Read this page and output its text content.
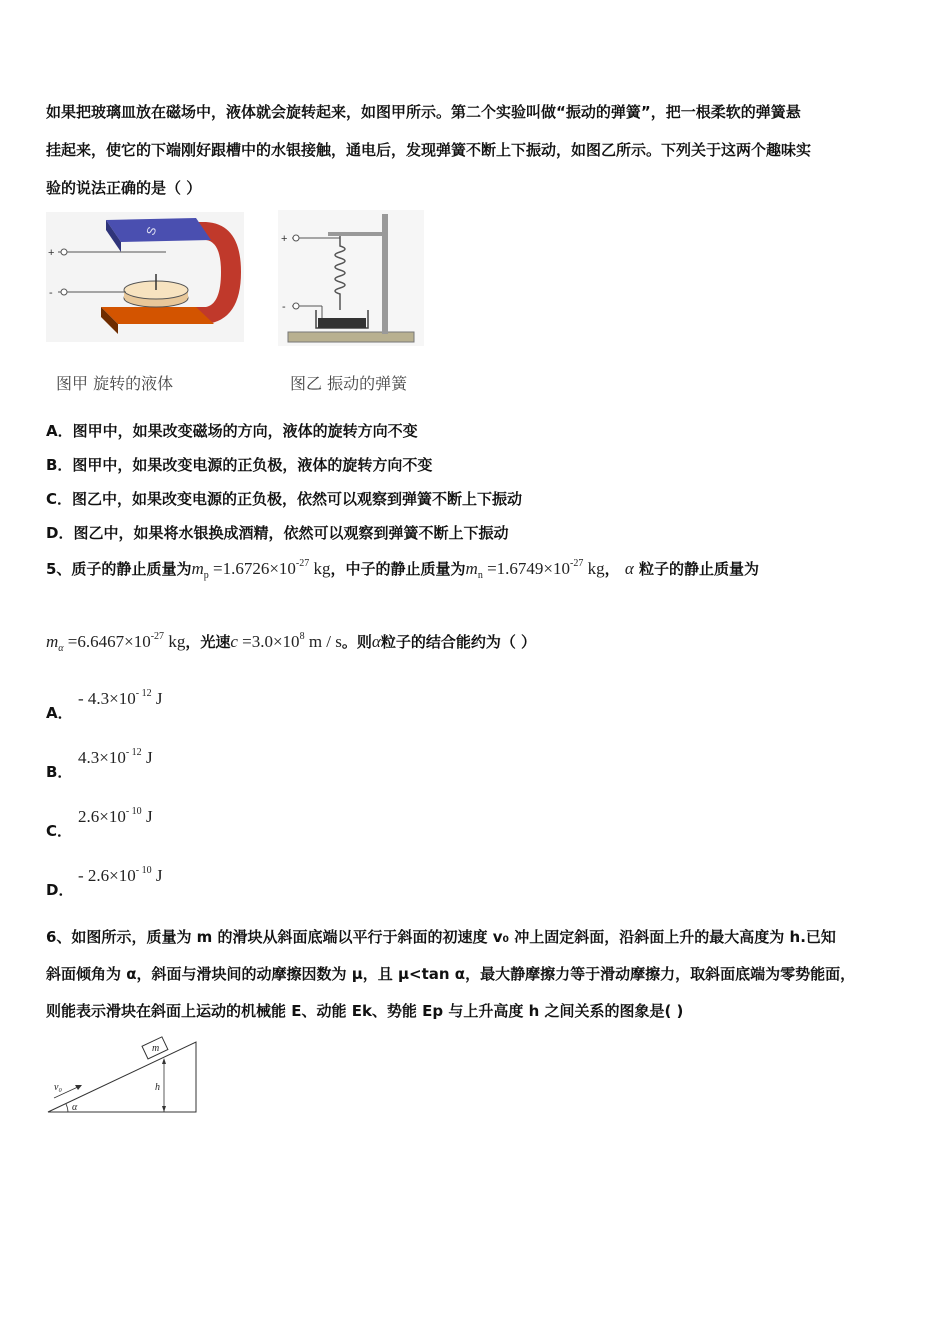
如果把玻璃皿放在磁场中，液体就会旋转起来，如图甲所示。第二个实验叫做“振动的弹簧”，把一根柔软的弹簧悬
挂起来，使它的下端刚好跟槽中的水银接触，通电后，发现弹簧不断上下振动，如图乙所示。下列关于这两个趣味实
验的说法正确的是（ ）
S
+
-
图甲 旋转的液体
+
-
图乙 振动的弹簧
A．图甲中，如果改变磁场的方向，液体的旋转方向不变
B．图甲中，如果改变电源的正负极，液体的旋转方向不变
C．图乙中，如果改变电源的正负极，依然可以观察到弹簧不断上下振动
D．图乙中，如果将水银换成酒精，依然可以观察到弹簧不断上下振动
5、质子的静止质量为$m_p =1.6726\times 10^{-27}$ kg，中子的静止质量为$m_n =1.6749\times 10^{-27}$ kg， α 粒子的静止质量为
$m_\alpha =6.6467\times 10^{-27}$ kg，光速$c =3.0\times 10^8$ m / s。则α粒子的结合能约为（ ）
A．
- $4.3\times 10^{- 12}$ J
B．
$4.3\times 10^{- 12}$ J
C．
$2.6\times 10^{- 10}$ J
D．
- $2.6\times 10^{- 10}$ J
6、如图所示，质量为 m 的滑块从斜面底端以平行于斜面的初速度 v₀ 冲上固定斜面，沿斜面上升的最大高度为 h.已知
斜面倾角为 α，斜面与滑块间的动摩擦因数为 μ，且 μ<tan α，最大静摩擦力等于滑动摩擦力，取斜面底端为零势能面，
则能表示滑块在斜面上运动的机械能 E、动能 Ek、势能 Ep 与上升高度 h 之间关系的图象是( )
m
h
v₀
α
